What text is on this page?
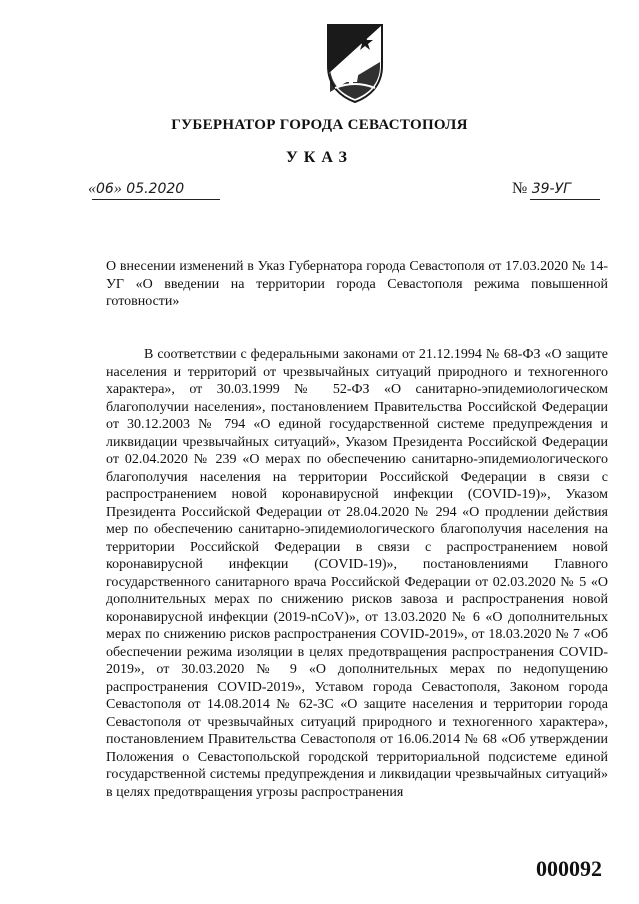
ГУБЕРНАТОР ГОРОДА СЕВАСТОПОЛЯ
УКАЗ
«06» 05.2020	№ 39-УГ

О внесении изменений в Указ Губернатора города Севастополя от 17.03.2020 № 14-УГ «О введении на территории города Севастополя режима повышенной готовности»

В соответствии с федеральными законами от 21.12.1994 № 68-ФЗ «О защите населения и территорий от чрезвычайных ситуаций природного и техногенного характера», от 30.03.1999 № 52-ФЗ «О санитарно-эпидемиологическом благополучии населения», постановлением Правительства Российской Федерации от 30.12.2003 № 794 «О единой государственной системе предупреждения и ликвидации чрезвычайных ситуаций», Указом Президента Российской Федерации от 02.04.2020 № 239 «О мерах по обеспечению санитарно-эпидемиологического благополучия населения на территории Российской Федерации в связи с распространением новой коронавирусной инфекции (COVID-19)», Указом Президента Российской Федерации от 28.04.2020 № 294 «О продлении действия мер по обеспечению санитарно-эпидемиологического благополучия населения на территории Российской Федерации в связи с распространением новой коронавирусной инфекции (COVID-19)», постановлениями Главного государственного санитарного врача Российской Федерации от 02.03.2020 № 5 «О дополнительных мерах по снижению рисков завоза и распространения новой коронавирусной инфекции (2019-nCoV)», от 13.03.2020 № 6 «О дополнительных мерах по снижению рисков распространения COVID-2019», от 18.03.2020 № 7 «Об обеспечении режима изоляции в целях предотвращения распространения COVID-2019», от 30.03.2020 № 9 «О дополнительных мерах по недопущению распространения COVID-2019», Уставом города Севастополя, Законом города Севастополя от 14.08.2014 № 62-ЗС «О защите населения и территории города Севастополя от чрезвычайных ситуаций природного и техногенного характера», постановлением Правительства Севастополя от 16.06.2014 № 68 «Об утверждении Положения о Севастопольской городской территориальной подсистеме единой государственной системы предупреждения и ликвидации чрезвычайных ситуаций» в целях предотвращения угрозы распространения

000092
